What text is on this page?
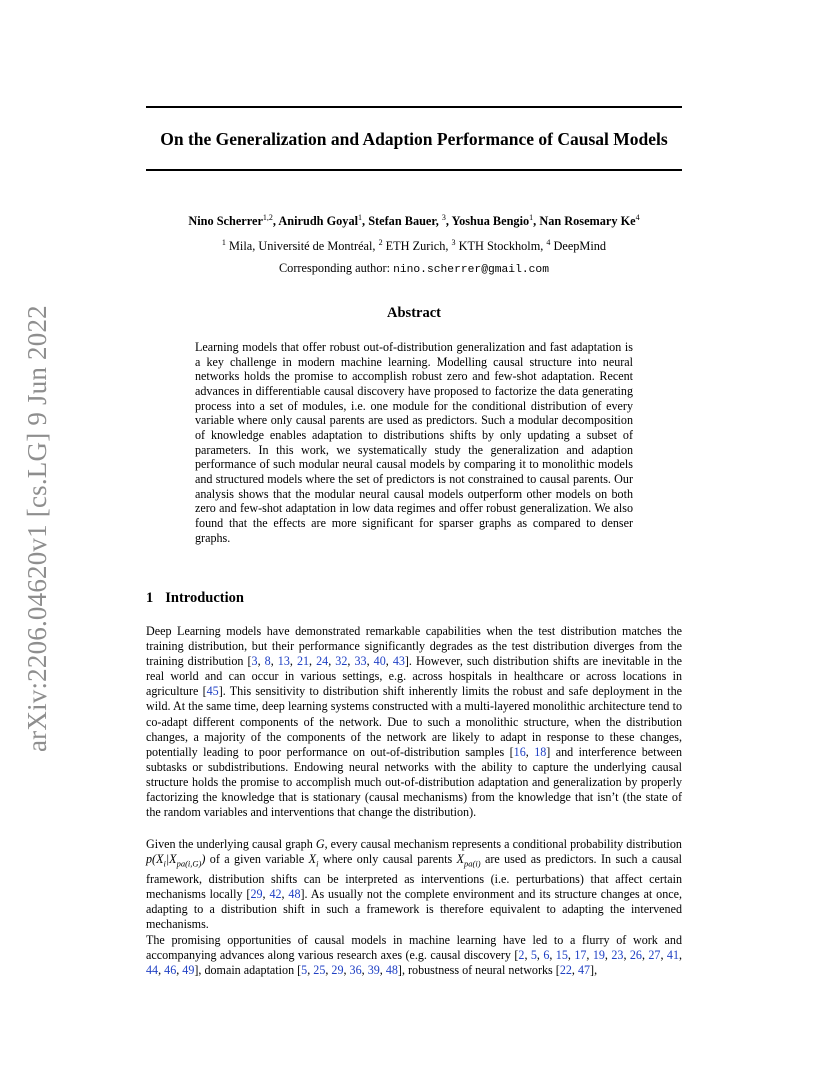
On the Generalization and Adaption Performance of Causal Models
Nino Scherrer$^{1,2}$, Anirudh Goyal$^1$, Stefan Bauer, $^3$, Yoshua Bengio$^1$, Nan Rosemary Ke$^4$
$^1$ Mila, Université de Montréal, $^2$ ETH Zurich, $^3$ KTH Stockholm, $^4$ DeepMind
Corresponding author: nino.scherrer@gmail.com
arXiv:2206.04620v1 [cs.LG] 9 Jun 2022	Abstract
Learning models that offer robust out-of-distribution generalization and fast adaptation is a key challenge in modern machine learning. Modelling causal structure into neural networks holds the promise to accomplish robust zero and few-shot adaptation. Recent advances in differentiable causal discovery have proposed to factorize the data generating process into a set of modules, i.e. one module for the conditional distribution of every variable where only causal parents are used as predictors. Such a modular decomposition of knowledge enables adaptation to distributions shifts by only updating a subset of parameters. In this work, we systematically study the generalization and adaption performance of such modular neural causal models by comparing it to monolithic models and structured models where the set of predictors is not constrained to causal parents. Our analysis shows that the modular neural causal models outperform other models on both zero and few-shot adaptation in low data regimes and offer robust generalization. We also found that the effects are more significant for sparser graphs as compared to denser graphs.
1 Introduction
Deep Learning models have demonstrated remarkable capabilities when the test distribution matches the training distribution, but their performance significantly degrades as the test distribution diverges from the training distribution [3, 8, 13, 21, 24, 32, 33, 40, 43]. However, such distribution shifts are inevitable in the real world and can occur in various settings, e.g. across hospitals in healthcare or across locations in agriculture [45]. This sensitivity to distribution shift inherently limits the robust and safe deployment in the wild. At the same time, deep learning systems constructed with a multi-layered monolithic architecture tend to co-adapt different components of the network. Due to such a monolithic structure, when the distribution changes, a majority of the components of the network are likely to adapt in response to these changes, potentially leading to poor performance on out-of-distribution samples [16, 18] and interference between subtasks or subdistributions. Endowing neural networks with the ability to capture the underlying causal structure holds the promise to accomplish much out-of-distribution adaptation and generalization by properly factorizing the knowledge that is stationary (causal mechanisms) from the knowledge that isn’t (the state of the random variables and interventions that change the distribution).
Given the underlying causal graph G, every causal mechanism represents a conditional probability distribution $p(X_i|X_{pa(i,G)})$ of a given variable $X_i$ where only causal parents $X_{pa(i)}$ are used as predictors. In such a causal framework, distribution shifts can be interpreted as interventions (i.e. perturbations) that affect certain mechanisms locally [29, 42, 48]. As usually not the complete environment and its structure changes at once, adapting to a distribution shift in such a framework is therefore equivalent to adapting the intervened mechanisms.
The promising opportunities of causal models in machine learning have led to a flurry of work and accompanying advances along various research axes (e.g. causal discovery [2, 5, 6, 15, 17, 19, 23, 26, 27, 41, 44, 46, 49], domain adaptation [5, 25, 29, 36, 39, 48], robustness of neural networks [22, 47],
